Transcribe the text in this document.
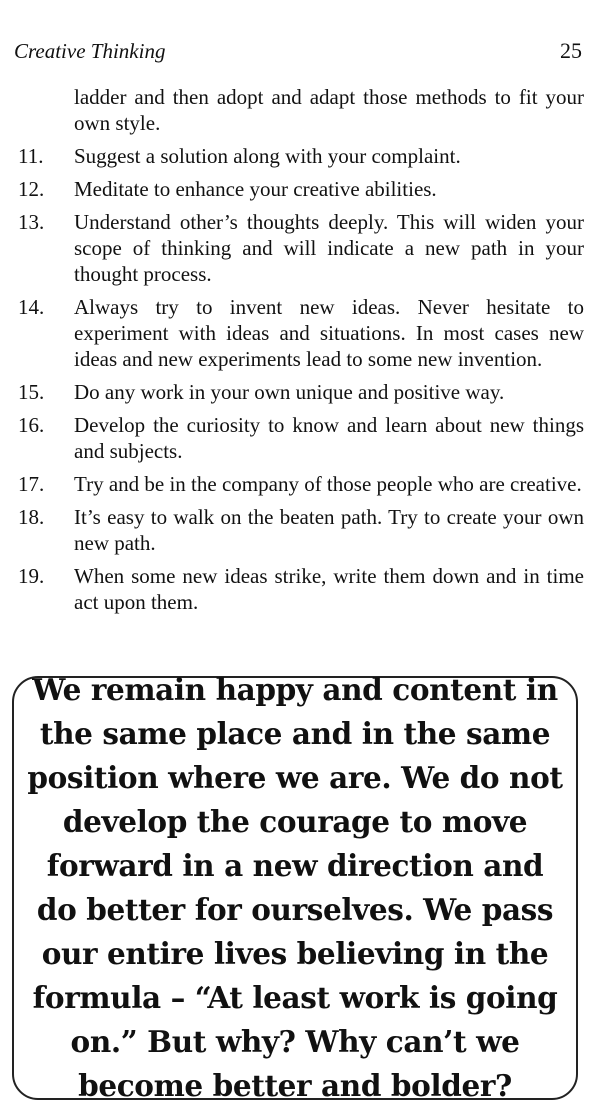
Creative Thinking	25
ladder and then adopt and adapt those methods to fit your own style.
11.	Suggest a solution along with your complaint.
12.	Meditate to enhance your creative abilities.
13.	Understand other’s thoughts deeply. This will widen your scope of thinking and will indicate a new path in your thought process.
14.	Always try to invent new ideas. Never hesitate to experiment with ideas and situations. In most cases new ideas and new experiments lead to some new invention.
15.	Do any work in your own unique and positive way.
16.	Develop the curiosity to know and learn about new things and subjects.
17.	Try and be in the company of those people who are creative.
18.	It’s easy to walk on the beaten path. Try to create your own new path.
19.	When some new ideas strike, write them down and in time act upon them.
We remain happy and content in the same place and in the same position where we are. We do not develop the courage to move forward in a new direction and do better for ourselves. We pass our entire lives believing in the formula – “At least work is going on.” But why? Why can’t we become better and bolder?
